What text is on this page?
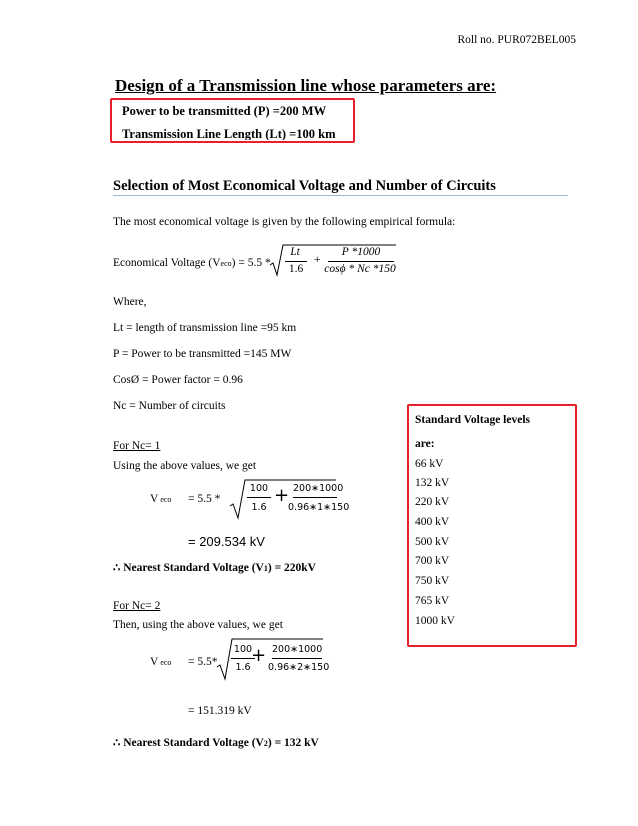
Roll no. PUR072BEL005
Design of a Transmission line whose parameters are:
Power to be transmitted (P) =200 MW
Transmission Line Length (Lt) =100 km
Selection of Most Economical Voltage and Number of Circuits
The most economical voltage is given by the following empirical formula:
Economical Voltage (Veco) = 5.5 *
Lt
1.6
+
P *1000
cosϕ * Nc *150
Where,
Lt = length of transmission line =95 km
P = Power to be transmitted =145 MW
CosØ = Power factor = 0.96
Nc = Number of circuits
For Nc= 1
Using the above values, we get
V eco = 5.5 *
100
1.6
+ 200∗1000
0.96∗1∗150
= 209.534 kV
∴ Nearest Standard Voltage (V1) = 220kV
For Nc= 2
Then, using the above values, we get
V eco = 5.5*
100
1.6
+ 200∗1000
0.96∗2∗150
= 151.319 kV
∴ Nearest Standard Voltage (V2) = 132 kV
Standard Voltage levels
are:
66 kV
132 kV
220 kV
400 kV
500 kV
700 kV
750 kV
765 kV
1000 kV
